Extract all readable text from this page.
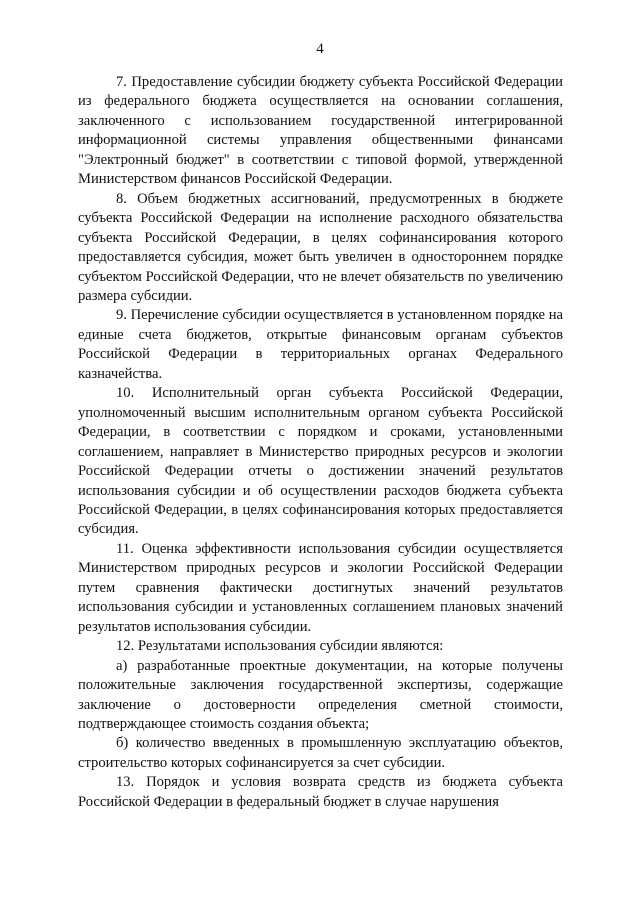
4

7. Предоставление субсидии бюджету субъекта Российской Федерации из федерального бюджета осуществляется на основании соглашения, заключенного с использованием государственной интегрированной информационной системы управления общественными финансами "Электронный бюджет" в соответствии с типовой формой, утвержденной Министерством финансов Российской Федерации.

8. Объем бюджетных ассигнований, предусмотренных в бюджете субъекта Российской Федерации на исполнение расходного обязательства субъекта Российской Федерации, в целях софинансирования которого предоставляется субсидия, может быть увеличен в одностороннем порядке субъектом Российской Федерации, что не влечет обязательств по увеличению размера субсидии.

9. Перечисление субсидии осуществляется в установленном порядке на единые счета бюджетов, открытые финансовым органам субъектов Российской Федерации в территориальных органах Федерального казначейства.

10. Исполнительный орган субъекта Российской Федерации, уполномоченный высшим исполнительным органом субъекта Российской Федерации, в соответствии с порядком и сроками, установленными соглашением, направляет в Министерство природных ресурсов и экологии Российской Федерации отчеты о достижении значений результатов использования субсидии и об осуществлении расходов бюджета субъекта Российской Федерации, в целях софинансирования которых предоставляется субсидия.

11. Оценка эффективности использования субсидии осуществляется Министерством природных ресурсов и экологии Российской Федерации путем сравнения фактически достигнутых значений результатов использования субсидии и установленных соглашением плановых значений результатов использования субсидии.

12. Результатами использования субсидии являются:

а) разработанные проектные документации, на которые получены положительные заключения государственной экспертизы, содержащие заключение о достоверности определения сметной стоимости, подтверждающее стоимость создания объекта;

б) количество введенных в промышленную эксплуатацию объектов, строительство которых софинансируется за счет субсидии.

13. Порядок и условия возврата средств из бюджета субъекта Российской Федерации в федеральный бюджет в случае нарушения
